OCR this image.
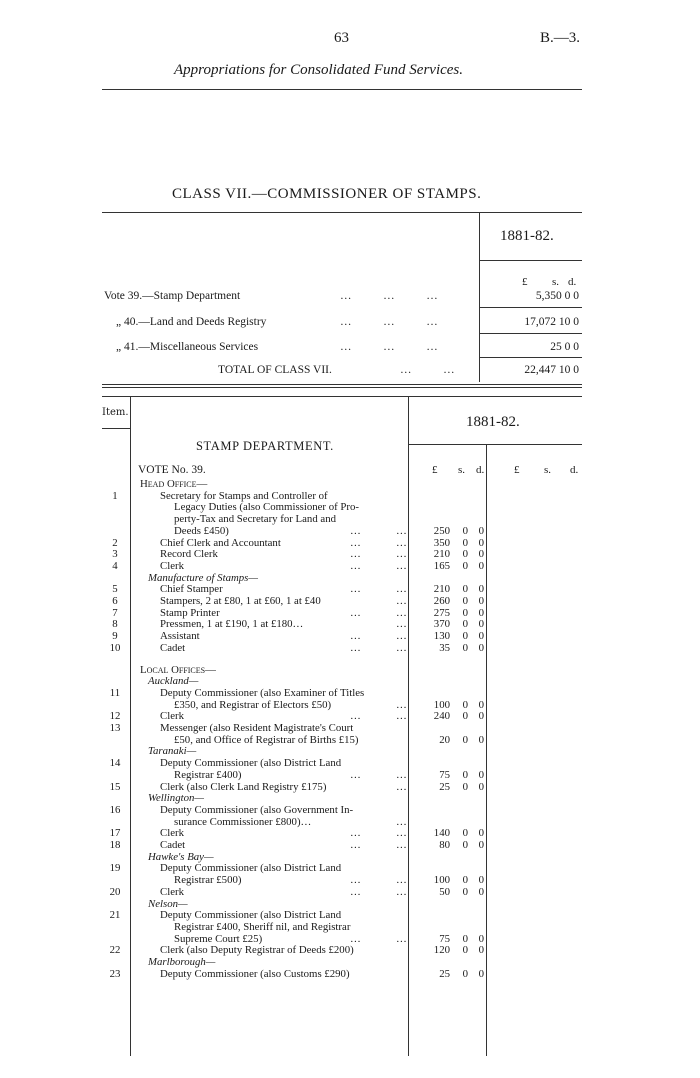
63	B.—3.
Appropriations for Consolidated Fund Services.
CLASS VII.—COMMISSIONER OF STAMPS.
1881-82.
£ s. d.
Vote 39.—Stamp Department	…           …           …	5,350 0 0
„ 40.—Land and Deeds Registry	…           …           …	17,072 10 0
„ 41.—Miscellaneous Services	…           …           …	25 0 0
TOTAL OF CLASS VII.	…           …	22,447 10 0
Item.
1881-82.
STAMP DEPARTMENT.
VOTE No. 39.	£ s. d.	£ s. d.
Head Office—
1	Secretary for Stamps and Controller of
Legacy Duties (also Commissioner of Pro-
perty-Tax and Secretary for Land and
Deeds £450)	…	…	250	0 0
2	Chief Clerk and Accountant	…	…	350	0 0
3	Record Clerk	…	…	210	0 0
4	Clerk	…	…	165	0 0
Manufacture of Stamps—
5	Chief Stamper	…	…	210	0 0
6	Stampers, 2 at £80, 1 at £60, 1 at £40	…	260	0 0
7	Stamp Printer	…	…	275	0 0
8	Pressmen, 1 at £190, 1 at £180…	…	370	0 0
9	Assistant	…	…	130	0 0
10	Cadet	…	…	35	0 0
Local Offices—
Auckland—
11	Deputy Commissioner (also Examiner of Titles
£350, and Registrar of Electors £50)	…	100	0 0
12	Clerk	…	…	240	0 0
13	Messenger (also Resident Magistrate's Court
£50, and Office of Registrar of Births £15)	20	0 0
Taranaki—
14	Deputy Commissioner (also District Land
Registrar £400)	…	…	75	0 0
15	Clerk (also Clerk Land Registry £175)	…	25	0 0
Wellington—
16	Deputy Commissioner (also Government In-
surance Commissioner £800)…	…
17	Clerk	…	…	140	0 0
18	Cadet	…	…	80	0 0
Hawke's Bay—
19	Deputy Commissioner (also District Land
Registrar £500)	…	…	100	0 0
20	Clerk	…	…	50	0 0
Nelson—
21	Deputy Commissioner (also District Land
Registrar £400, Sheriff nil, and Registrar
Supreme Court £25)	…	…	75	0 0
22	Clerk (also Deputy Registrar of Deeds £200)	120	0 0
Marlborough—
23	Deputy Commissioner (also Customs £290)	25	0 0
